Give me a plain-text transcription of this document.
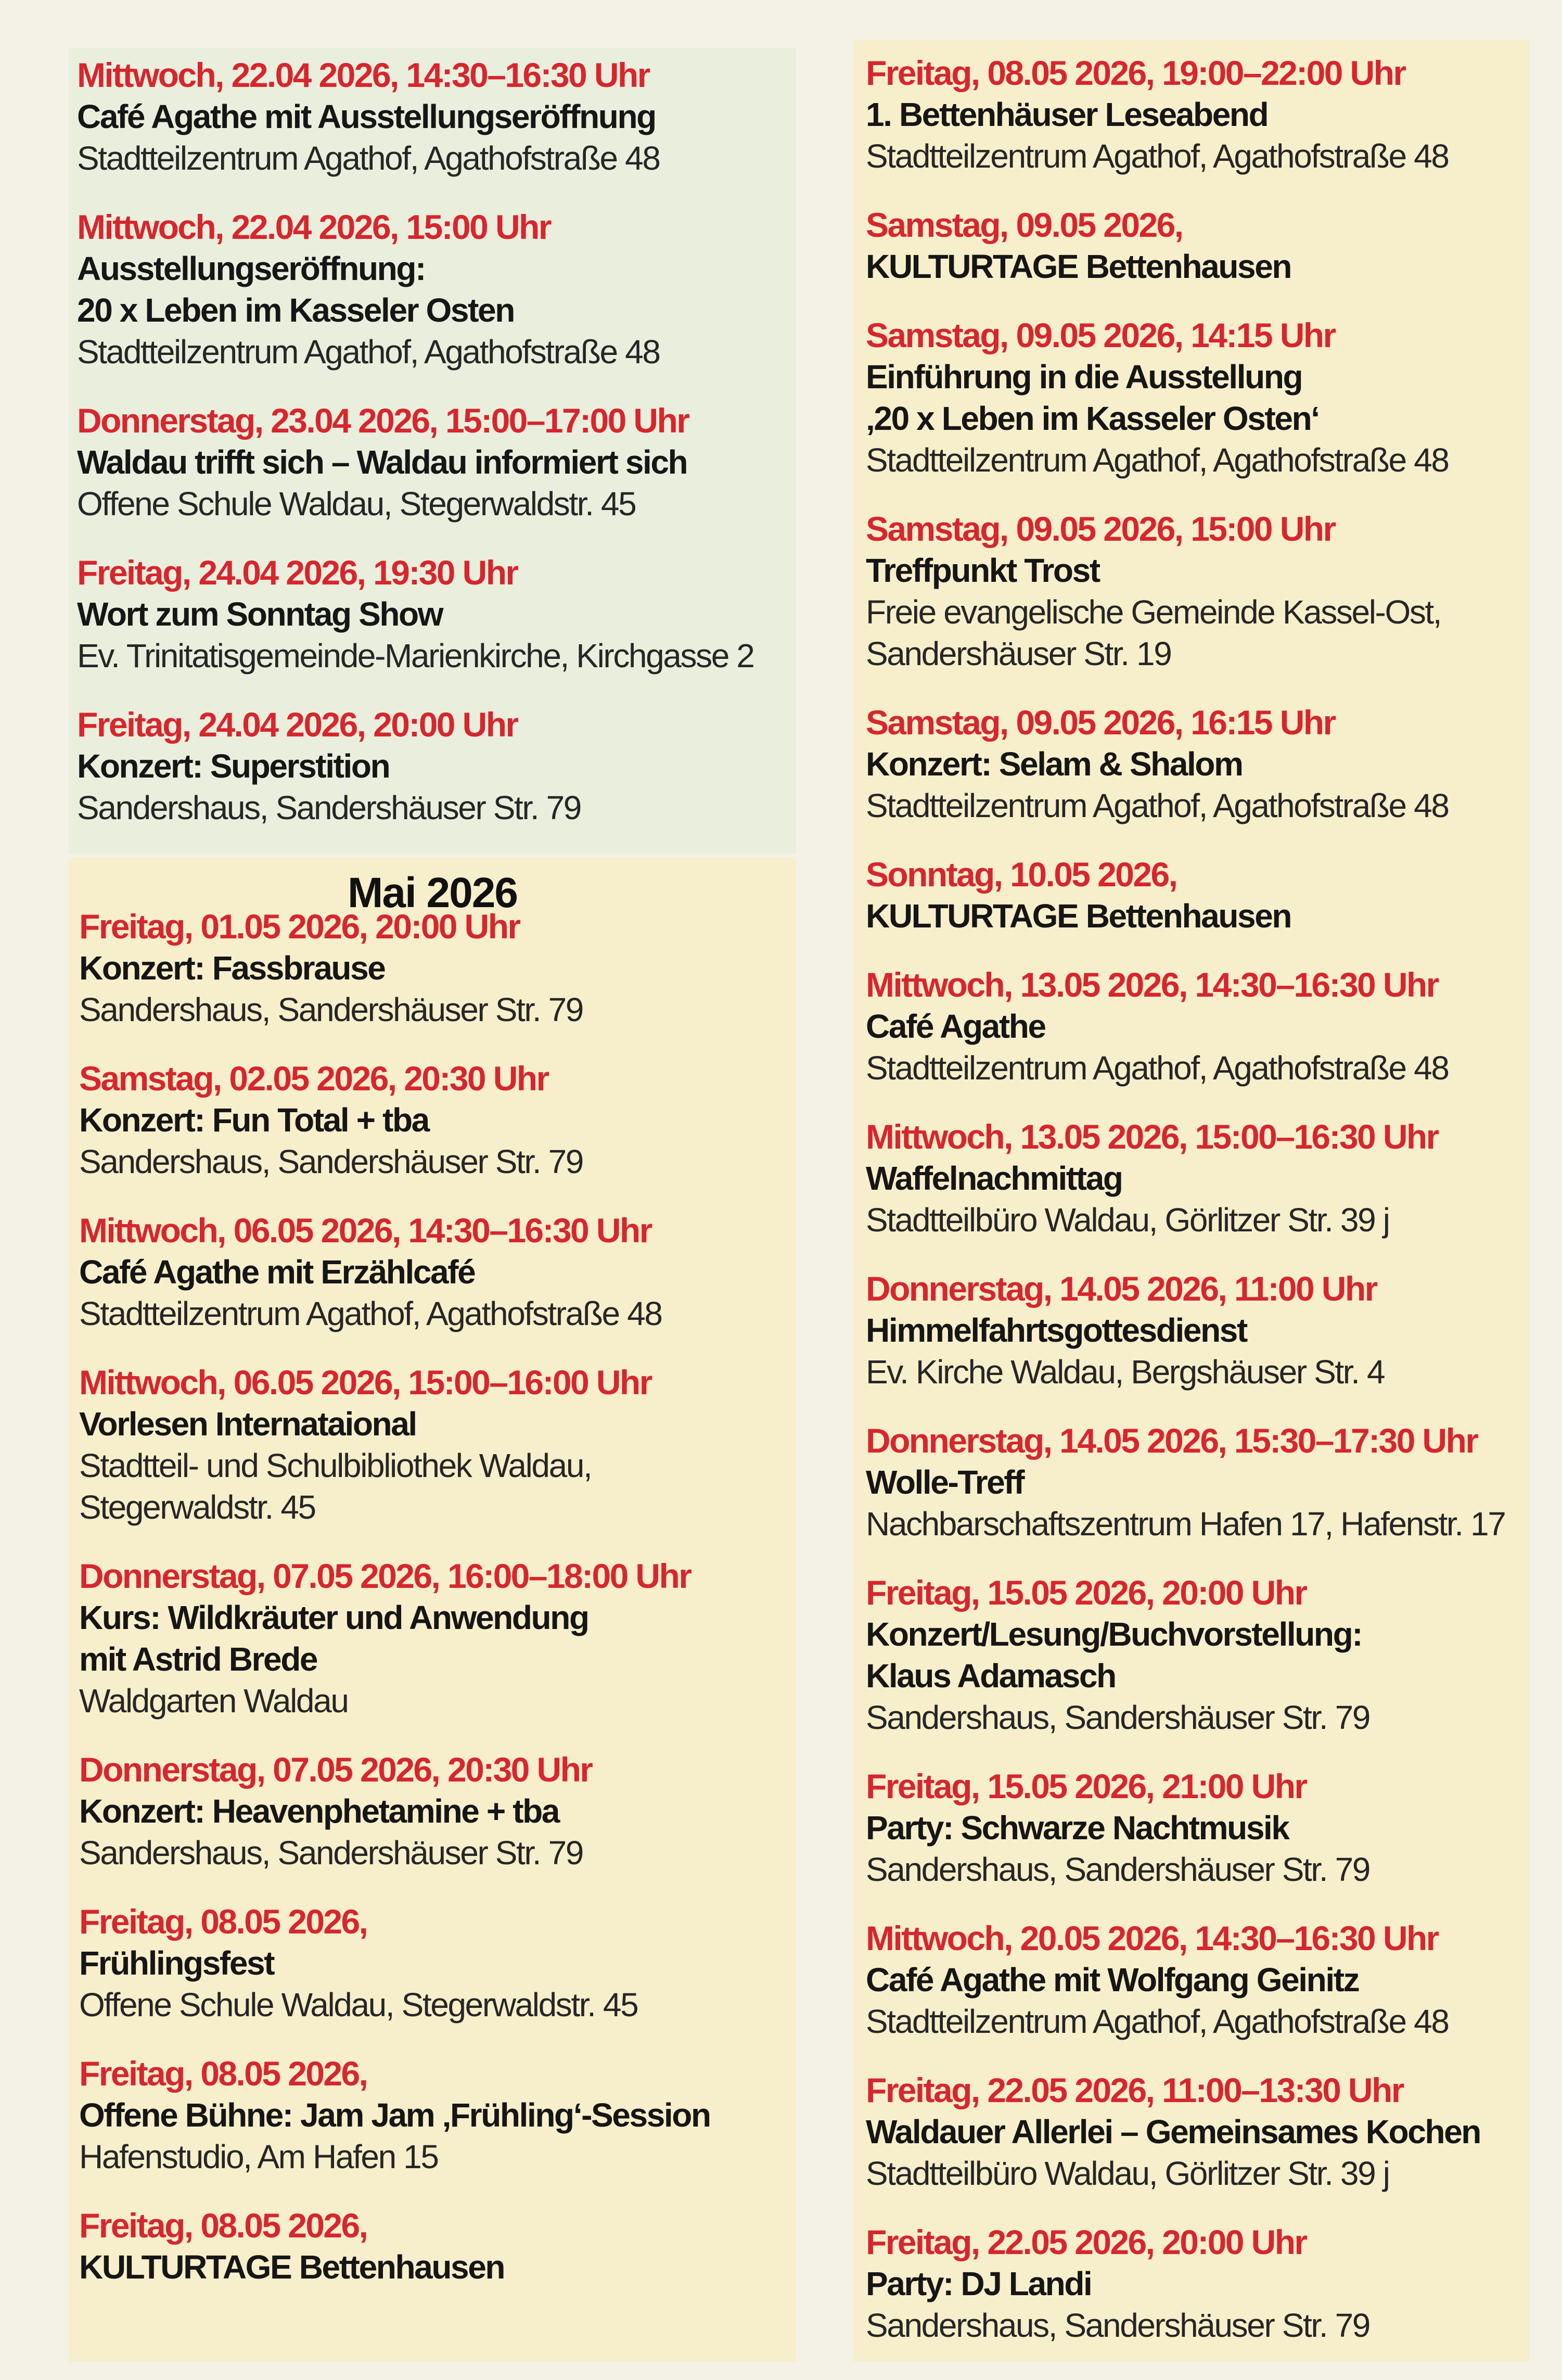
Mittwoch, 22.04 2026, 14:30–16:30 Uhr
Café Agathe mit Ausstellungseröffnung
Stadtteilzentrum Agathof, Agathofstraße 48
Mittwoch, 22.04 2026, 15:00 Uhr
Ausstellungseröffnung:
20 x Leben im Kasseler Osten
Stadtteilzentrum Agathof, Agathofstraße 48
Donnerstag, 23.04 2026, 15:00–17:00 Uhr
Waldau trifft sich – Waldau informiert sich
Offene Schule Waldau, Stegerwaldstr. 45
Freitag, 24.04 2026, 19:30 Uhr
Wort zum Sonntag Show
Ev. Trinitatisgemeinde-Marienkirche, Kirchgasse 2
Freitag, 24.04 2026, 20:00 Uhr
Konzert: Superstition
Sandershaus, Sandershäuser Str. 79
Mai 2026
Freitag, 01.05 2026, 20:00 Uhr
Konzert: Fassbrause
Sandershaus, Sandershäuser Str. 79
Samstag, 02.05 2026, 20:30 Uhr
Konzert: Fun Total + tba
Sandershaus, Sandershäuser Str. 79
Mittwoch, 06.05 2026, 14:30–16:30 Uhr
Café Agathe mit Erzählcafé
Stadtteilzentrum Agathof, Agathofstraße 48
Mittwoch, 06.05 2026, 15:00–16:00 Uhr
Vorlesen Internataional
Stadtteil- und Schulbibliothek Waldau,
Stegerwaldstr. 45
Donnerstag, 07.05 2026, 16:00–18:00 Uhr
Kurs: Wildkräuter und Anwendung
mit Astrid Brede
Waldgarten Waldau
Donnerstag, 07.05 2026, 20:30 Uhr
Konzert: Heavenphetamine + tba
Sandershaus, Sandershäuser Str. 79
Freitag, 08.05 2026,
Frühlingsfest
Offene Schule Waldau, Stegerwaldstr. 45
Freitag, 08.05 2026,
Offene Bühne: Jam Jam ‚Frühling‘-Session
Hafenstudio, Am Hafen 15
Freitag, 08.05 2026,
KULTURTAGE Bettenhausen
Freitag, 08.05 2026, 19:00–22:00 Uhr
1. Bettenhäuser Leseabend
Stadtteilzentrum Agathof, Agathofstraße 48
Samstag, 09.05 2026,
KULTURTAGE Bettenhausen
Samstag, 09.05 2026, 14:15 Uhr
Einführung in die Ausstellung
‚20 x Leben im Kasseler Osten‘
Stadtteilzentrum Agathof, Agathofstraße 48
Samstag, 09.05 2026, 15:00 Uhr
Treffpunkt Trost
Freie evangelische Gemeinde Kassel-Ost,
Sandershäuser Str. 19
Samstag, 09.05 2026, 16:15 Uhr
Konzert: Selam & Shalom
Stadtteilzentrum Agathof, Agathofstraße 48
Sonntag, 10.05 2026,
KULTURTAGE Bettenhausen
Mittwoch, 13.05 2026, 14:30–16:30 Uhr
Café Agathe
Stadtteilzentrum Agathof, Agathofstraße 48
Mittwoch, 13.05 2026, 15:00–16:30 Uhr
Waffelnachmittag
Stadtteilbüro Waldau, Görlitzer Str. 39 j
Donnerstag, 14.05 2026, 11:00 Uhr
Himmelfahrtsgottesdienst
Ev. Kirche Waldau, Bergshäuser Str. 4
Donnerstag, 14.05 2026, 15:30–17:30 Uhr
Wolle-Treff
Nachbarschaftszentrum Hafen 17, Hafenstr. 17
Freitag, 15.05 2026, 20:00 Uhr
Konzert/Lesung/Buchvorstellung:
Klaus Adamasch
Sandershaus, Sandershäuser Str. 79
Freitag, 15.05 2026, 21:00 Uhr
Party: Schwarze Nachtmusik
Sandershaus, Sandershäuser Str. 79
Mittwoch, 20.05 2026, 14:30–16:30 Uhr
Café Agathe mit Wolfgang Geinitz
Stadtteilzentrum Agathof, Agathofstraße 48
Freitag, 22.05 2026, 11:00–13:30 Uhr
Waldauer Allerlei – Gemeinsames Kochen
Stadtteilbüro Waldau, Görlitzer Str. 39 j
Freitag, 22.05 2026, 20:00 Uhr
Party: DJ Landi
Sandershaus, Sandershäuser Str. 79
